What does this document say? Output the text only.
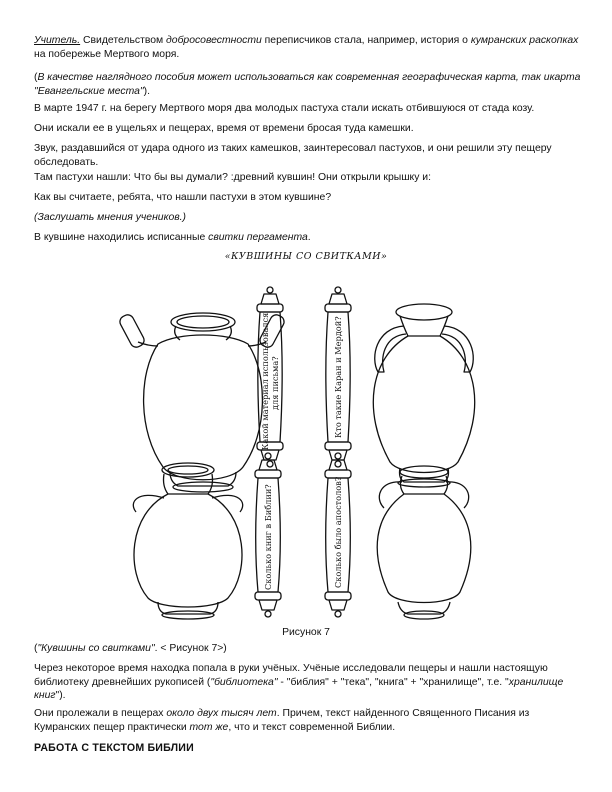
Учитель. Свидетельством добросовестности переписчиков стала, например, история о кумранских раскопках на побережье Мертвого моря.

(В качестве наглядного пособия может использоваться как современная географическая карта, так икарта "Евангельские места").

В марте 1947 г. на берегу Мертвого моря два молодых пастуха стали искать отбившуюся от стада козу.

Они искали ее в ущельях и пещерах, время от времени бросая туда камешки.

Звук, раздавшийся от удара одного из таких камешков, заинтересовал пастухов, и они решили эту пещеру обследовать.

Там пастухи нашли: Что бы вы думали? :древний кувшин! Они открыли крышку и:

Как вы считаете, ребята, что нашли пастухи в этом кувшине?

(Заслушать мнения учеников.)

В кувшине находились исписанные свитки пергамента.

«КУВШИНЫ СО СВИТКАМИ»
Какой материал использовался для письма?	Кто такие Каран и Мердой?
Сколько книг в Библии?	Сколько было апостолов?
Рисунок 7

("Кувшины со свитками". < Рисунок 7>)

Через некоторое время находка попала в руки учёных. Учёные исследовали пещеры и нашли настоящую библиотеку древнейших рукописей ("библиотека" - "библия" + "тека", "книга" + "хранилище", т.е. "хранилище книг").

Они пролежали в пещерах около двух тысяч лет. Причем, текст найденного Священного Писания из Кумранских пещер практически тот же, что и текст современной Библии.

РАБОТА С ТЕКСТОМ БИБЛИИ
